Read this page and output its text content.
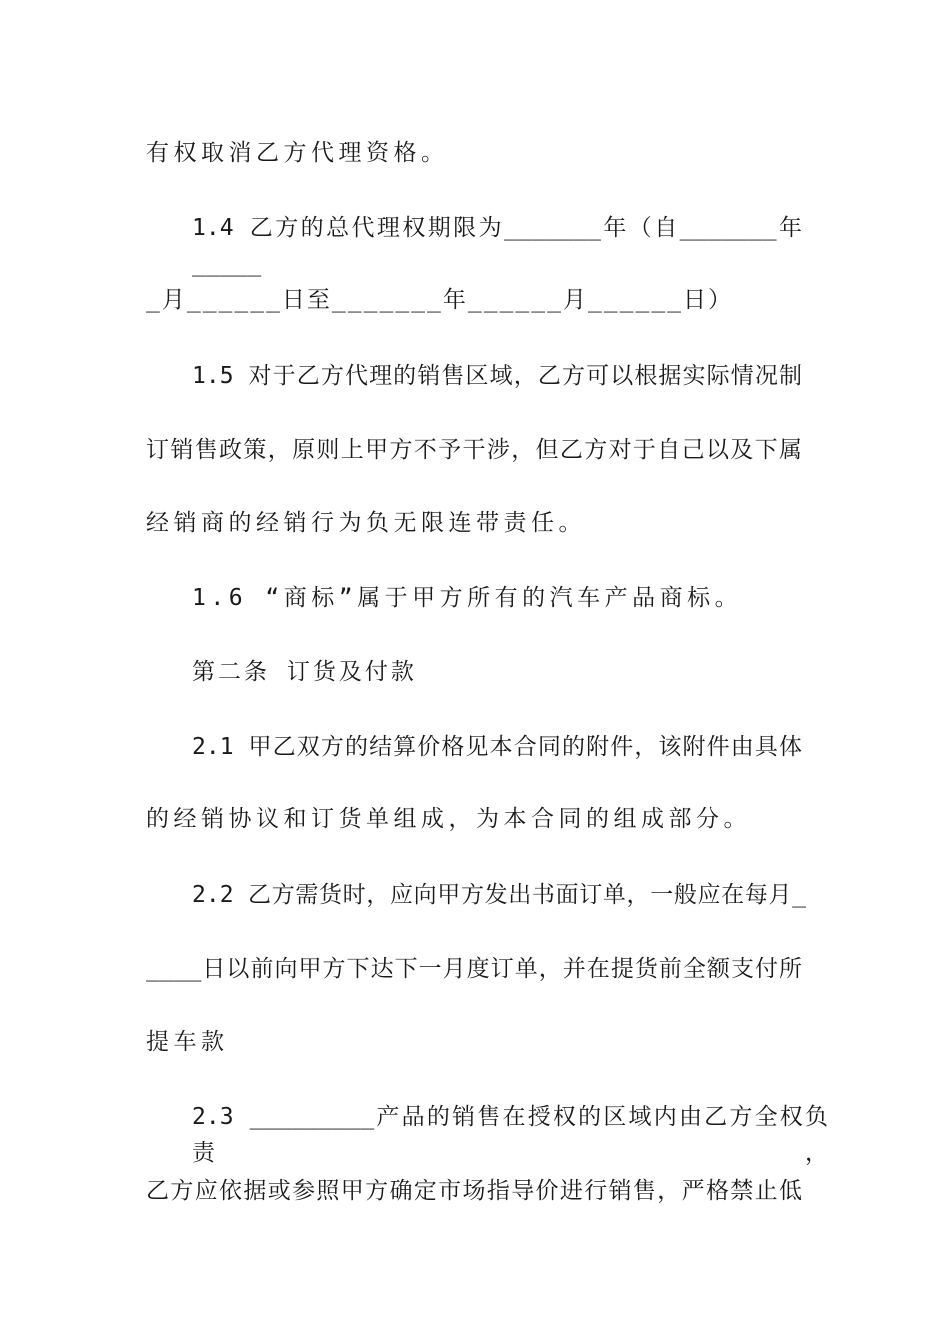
有权取消乙方代理资格。
1.4 乙方的总代理权期限为_______年（自_______年_____
_月______日至_______年______月______日）
1.5 对于乙方代理的销售区域，乙方可以根据实际情况制
订销售政策，原则上甲方不予干涉，但乙方对于自己以及下属
经销商的经销行为负无限连带责任。
1.6 “商标”属于甲方所有的汽车产品商标。
第二条 订货及付款
2.1 甲乙双方的结算价格见本合同的附件，该附件由具体
的经销协议和订货单组成，为本合同的组成部分。
2.2 乙方需货时，应向甲方发出书面订单，一般应在每月_
____日以前向甲方下达下一月度订单，并在提货前全额支付所
提车款
2.3 _________产品的销售在授权的区域内由乙方全权负责，
乙方应依据或参照甲方确定市场指导价进行销售，严格禁止低
